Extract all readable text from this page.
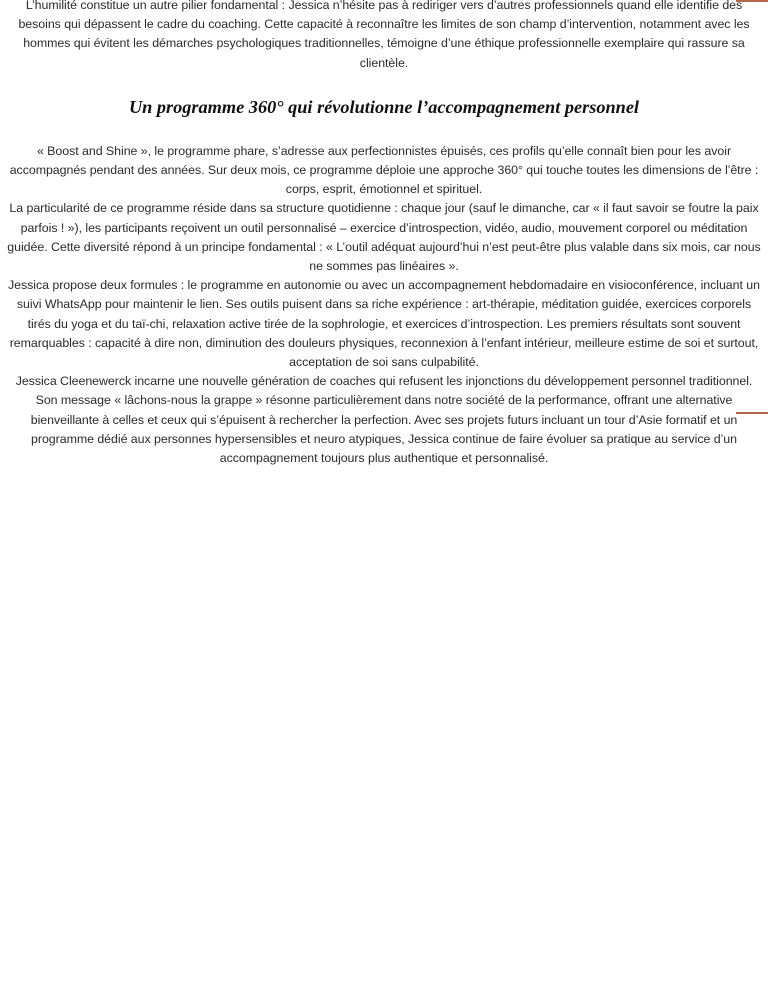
L’humilité constitue un autre pilier fondamental : Jessica n’hésite pas à rediriger vers d’autres professionnels quand elle identifie des besoins qui dépassent le cadre du coaching. Cette capacité à reconnaître les limites de son champ d’intervention, notamment avec les hommes qui évitent les démarches psychologiques traditionnelles, témoigne d’une éthique professionnelle exemplaire qui rassure sa clientèle.

Un programme 360° qui révolutionne l’accompagnement personnel

« Boost and Shine », le programme phare, s’adresse aux perfectionnistes épuisés, ces profils qu’elle connaît bien pour les avoir accompagnés pendant des années. Sur deux mois, ce programme déploie une approche 360° qui touche toutes les dimensions de l’être : corps, esprit, émotionnel et spirituel.

La particularité de ce programme réside dans sa structure quotidienne : chaque jour (sauf le dimanche, car « il faut savoir se foutre la paix parfois ! »), les participants reçoivent un outil personnalisé – exercice d’introspection, vidéo, audio, mouvement corporel ou méditation guidée. Cette diversité répond à un principe fondamental : « L’outil adéquat aujourd’hui n’est peut-être plus valable dans six mois, car nous ne sommes pas linéaires ».

Jessica propose deux formules : le programme en autonomie ou avec un accompagnement hebdomadaire en visioconférence, incluant un suivi WhatsApp pour maintenir le lien. Ses outils puisent dans sa riche expérience : art-thérapie, méditation guidée, exercices corporels tirés du yoga et du taï-chi, relaxation active tirée de la sophrologie, et exercices d’introspection. Les premiers résultats sont souvent remarquables : capacité à dire non, diminution des douleurs physiques, reconnexion à l’enfant intérieur, meilleure estime de soi et surtout, acceptation de soi sans culpabilité.

Jessica Cleenewerck incarne une nouvelle génération de coaches qui refusent les injonctions du développement personnel traditionnel. Son message « lâchons-nous la grappe » résonne particulièrement dans notre société de la performance, offrant une alternative bienveillante à celles et ceux qui s’épuisent à rechercher la perfection. Avec ses projets futurs incluant un tour d’Asie formatif et un programme dédié aux personnes hypersensibles et neuro atypiques, Jessica continue de faire évoluer sa pratique au service d’un accompagnement toujours plus authentique et personnalisé.
